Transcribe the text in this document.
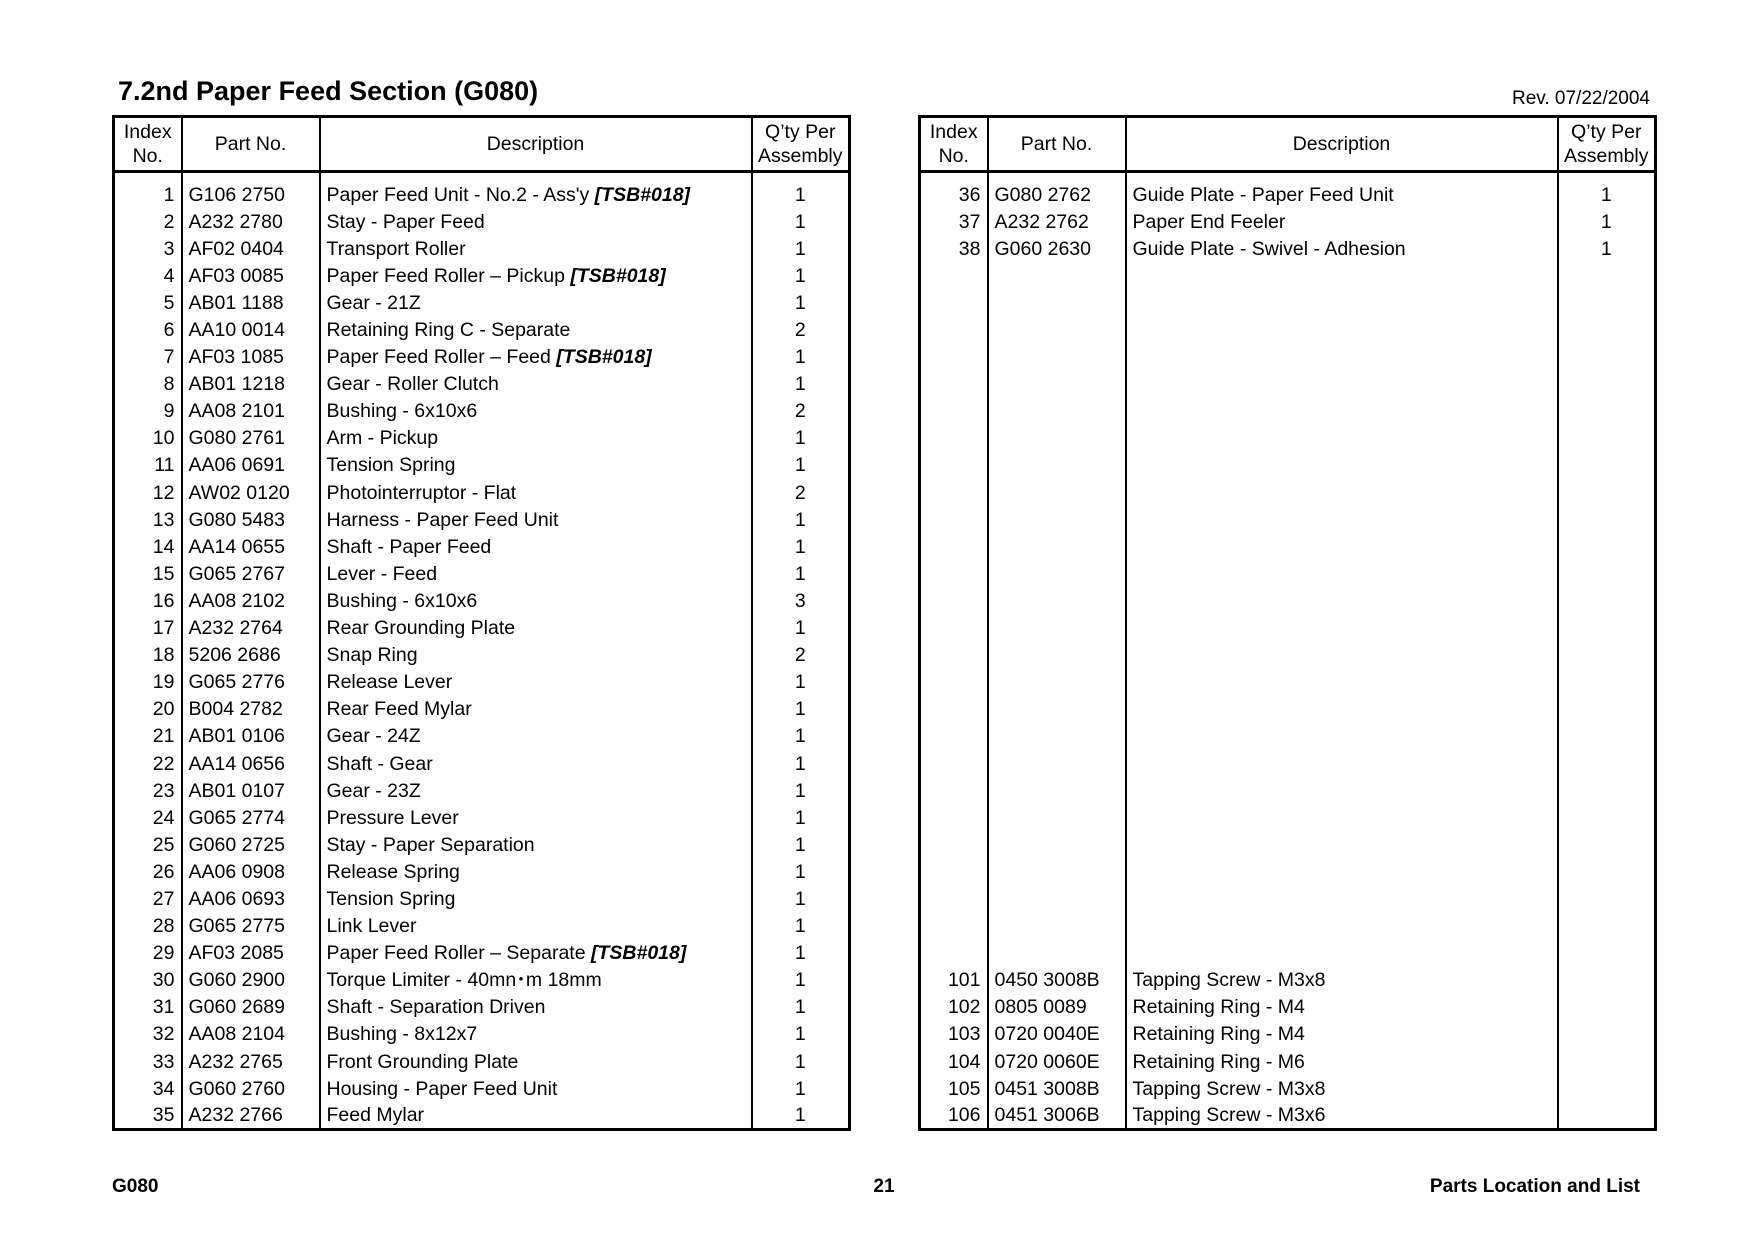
7.2nd Paper Feed Section (G080)	Rev. 07/22/2004
Index
No.	Part No.	Description	Q’ty Per
Assembly

1	G106 2750	Paper Feed Unit - No.2 - Ass'y [TSB#018]	1
2	A232 2780	Stay - Paper Feed	1
3	AF02 0404	Transport Roller	1
4	AF03 0085	Paper Feed Roller – Pickup [TSB#018]	1
5	AB01 1188	Gear - 21Z	1
6	AA10 0014	Retaining Ring C - Separate	2
7	AF03 1085	Paper Feed Roller – Feed [TSB#018]	1
8	AB01 1218	Gear - Roller Clutch	1
9	AA08 2101	Bushing - 6x10x6	2
10	G080 2761	Arm - Pickup	1
11	AA06 0691	Tension Spring	1
12	AW02 0120	Photointerruptor - Flat	2
13	G080 5483	Harness - Paper Feed Unit	1
14	AA14 0655	Shaft - Paper Feed	1
15	G065 2767	Lever - Feed	1
16	AA08 2102	Bushing - 6x10x6	3
17	A232 2764	Rear Grounding Plate	1
18	5206 2686	Snap Ring	2
19	G065 2776	Release Lever	1
20	B004 2782	Rear Feed Mylar	1
21	AB01 0106	Gear - 24Z	1
22	AA14 0656	Shaft - Gear	1
23	AB01 0107	Gear - 23Z	1
24	G065 2774	Pressure Lever	1
25	G060 2725	Stay - Paper Separation	1
26	AA06 0908	Release Spring	1
27	AA06 0693	Tension Spring	1
28	G065 2775	Link Lever	1
29	AF03 2085	Paper Feed Roller – Separate [TSB#018]	1
30	G060 2900	Torque Limiter - 40mn･m 18mm	1
31	G060 2689	Shaft - Separation Driven	1
32	AA08 2104	Bushing - 8x12x7	1
33	A232 2765	Front Grounding Plate	1
34	G060 2760	Housing - Paper Feed Unit	1
35	A232 2766	Feed Mylar	1
Index
No.	Part No.	Description	Q’ty Per
Assembly

36	G080 2762	Guide Plate - Paper Feed Unit	1
37	A232 2762	Paper End Feeler	1
38	G060 2630	Guide Plate - Swivel - Adhesion	1

101	0450 3008B	Tapping Screw - M3x8	
102	0805 0089	Retaining Ring - M4	
103	0720 0040E	Retaining Ring - M4	
104	0720 0060E	Retaining Ring - M6	
105	0451 3008B	Tapping Screw - M3x8	
106	0451 3006B	Tapping Screw - M3x6	
G080	21	Parts Location and List
